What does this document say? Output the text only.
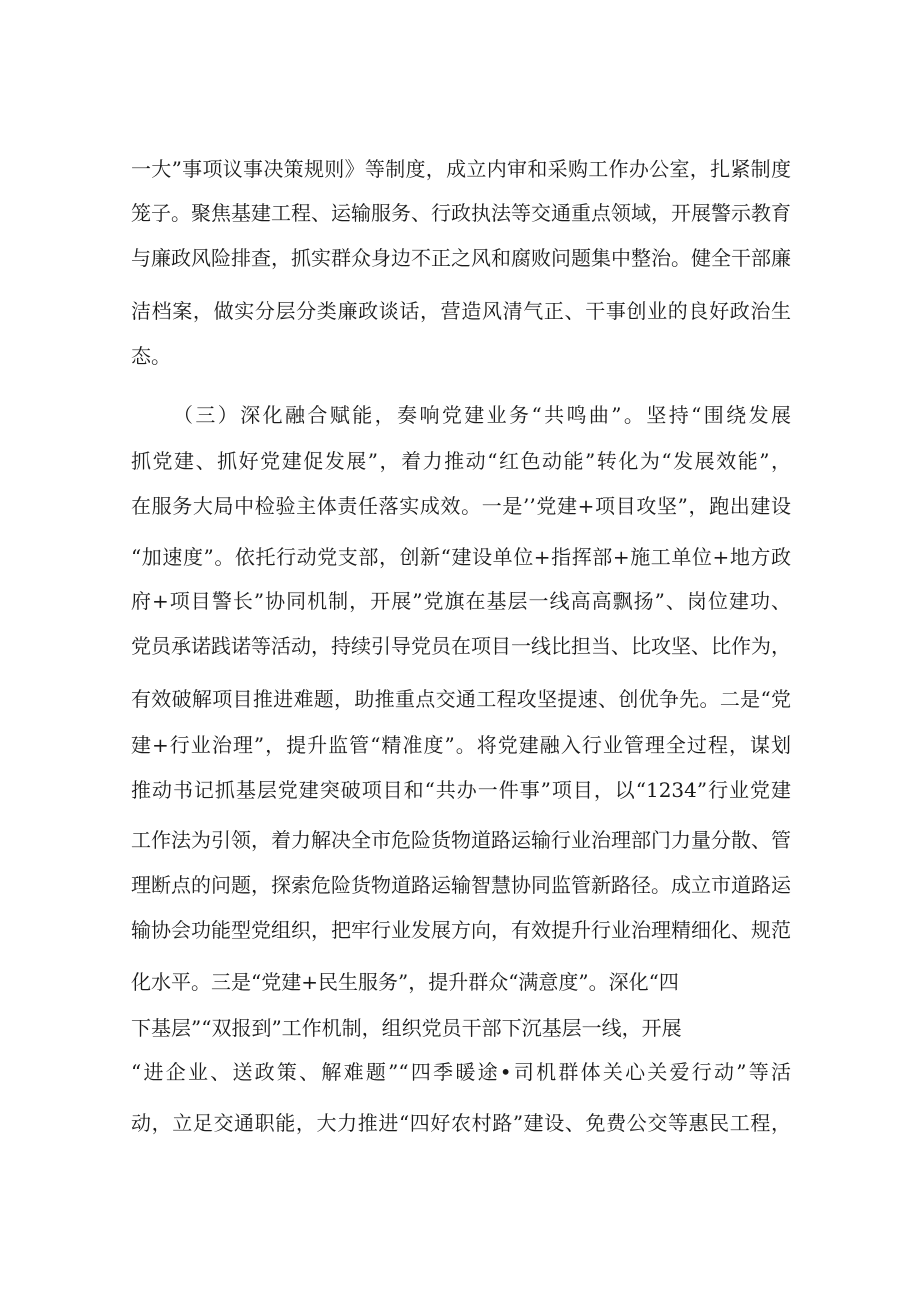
一大”事项议事决策规则》等制度，成立内审和采购工作办公室，扎紧制度
笼子。聚焦基建工程、运输服务、行政执法等交通重点领域，开展警示教育
与廉政风险排查，抓实群众身边不正之风和腐败问题集中整治。健全干部廉
洁档案，做实分层分类廉政谈话，营造风清气正、干事创业的良好政治生
态。
（三）深化融合赋能，奏响党建业务“共鸣曲”。坚持“围绕发展
抓党建、抓好党建促发展”，着力推动“红色动能”转化为“发展效能”，
在服务大局中检验主体责任落实成效。一是’’党建+项目攻坚”，跑出建设
“加速度”。依托行动党支部，创新“建设单位+指挥部+施工单位+地方政
府+项目警长”协同机制，开展”党旗在基层一线高高飘扬”、岗位建功、
党员承诺践诺等活动，持续引导党员在项目一线比担当、比攻坚、比作为，
有效破解项目推进难题，助推重点交通工程攻坚提速、创优争先。二是“党
建+行业治理”，提升监管“精准度”。将党建融入行业管理全过程，谋划
推动书记抓基层党建突破项目和“共办一件事”项目，以“1234”行业党建
工作法为引领，着力解决全市危险货物道路运输行业治理部门力量分散、管
理断点的问题，探索危险货物道路运输智慧协同监管新路径。成立市道路运
输协会功能型党组织，把牢行业发展方向，有效提升行业治理精细化、规范
化水平。三是“党建+民生服务”，提升群众“满意度”。深化“四
下基层”“双报到”工作机制，组织党员干部下沉基层一线，开展
“进企业、送政策、解难题”“四季暖途•司机群体关心关爱行动”等活
动，立足交通职能，大力推进“四好农村路”建设、免费公交等惠民工程，
